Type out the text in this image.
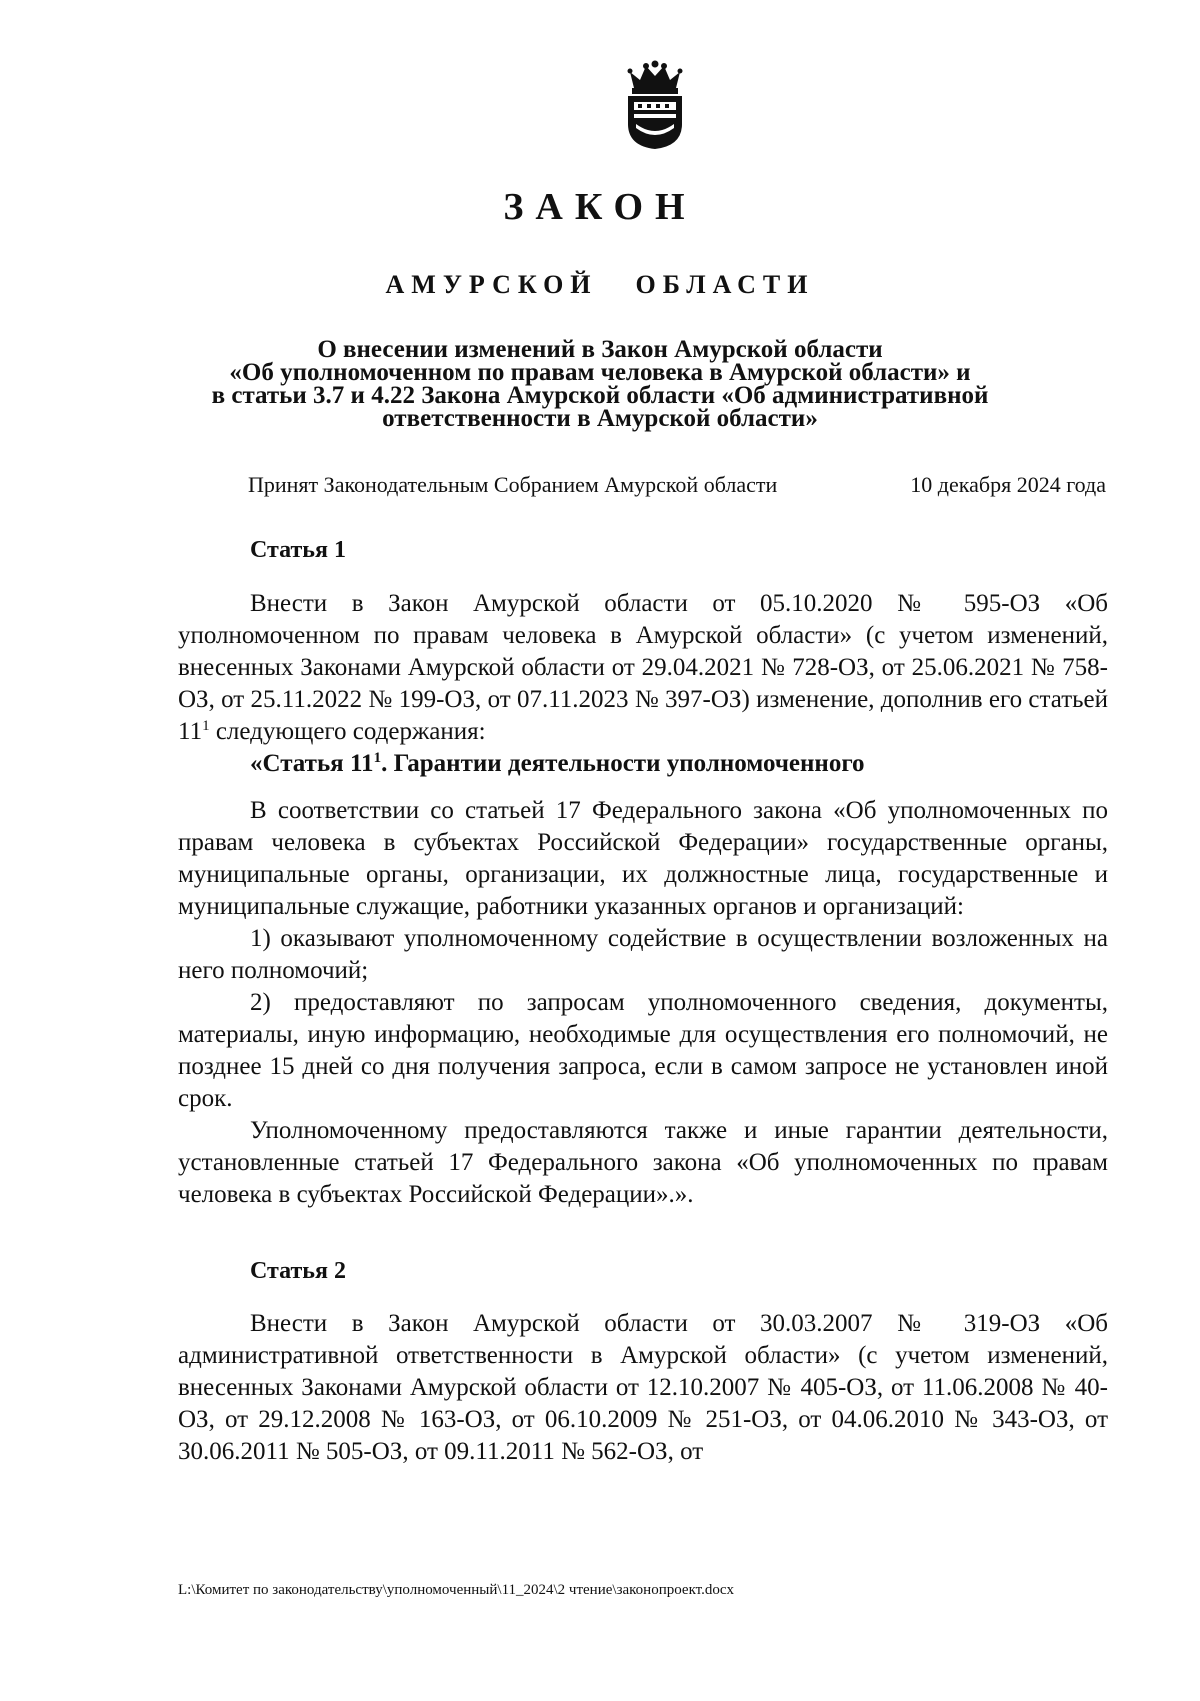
ЗАКОН
АМУРСКОЙ ОБЛАСТИ
О внесении изменений в Закон Амурской области
«Об уполномоченном по правам человека в Амурской области» и
в статьи 3.7 и 4.22 Закона Амурской области «Об административной
ответственности в Амурской области»
Принят Законодательным Собранием Амурской области	10 декабря 2024 года
Статья 1
Внести в Закон Амурской области от 05.10.2020 № 595-ОЗ «Об уполномоченном по правам человека в Амурской области» (с учетом изменений, внесенных Законами Амурской области от 29.04.2021 № 728-ОЗ, от 25.06.2021 № 758-ОЗ, от 25.11.2022 № 199-ОЗ, от 07.11.2023 № 397-ОЗ) изменение, дополнив его статьей $11^1$ следующего содержания:
«Статья $11^1$. Гарантии деятельности уполномоченного
В соответствии со статьей 17 Федерального закона «Об уполномоченных по правам человека в субъектах Российской Федерации» государственные органы, муниципальные органы, организации, их должностные лица, государственные и муниципальные служащие, работники указанных органов и организаций:
1) оказывают уполномоченному содействие в осуществлении возложенных на него полномочий;
2) предоставляют по запросам уполномоченного сведения, документы, материалы, иную информацию, необходимые для осуществления его полномочий, не позднее 15 дней со дня получения запроса, если в самом запросе не установлен иной срок.
Уполномоченному предоставляются также и иные гарантии деятельности, установленные статьей 17 Федерального закона «Об уполномоченных по правам человека в субъектах Российской Федерации».».
Статья 2
Внести в Закон Амурской области от 30.03.2007 № 319-ОЗ «Об административной ответственности в Амурской области» (с учетом изменений, внесенных Законами Амурской области от 12.10.2007 № 405-ОЗ, от 11.06.2008 № 40-ОЗ, от 29.12.2008 № 163-ОЗ, от 06.10.2009 № 251-ОЗ, от 04.06.2010 № 343-ОЗ, от 30.06.2011 № 505-ОЗ, от 09.11.2011 № 562-ОЗ, от
L:\Комитет по законодательству\уполномоченный\11_2024\2 чтение\законопроект.docx
